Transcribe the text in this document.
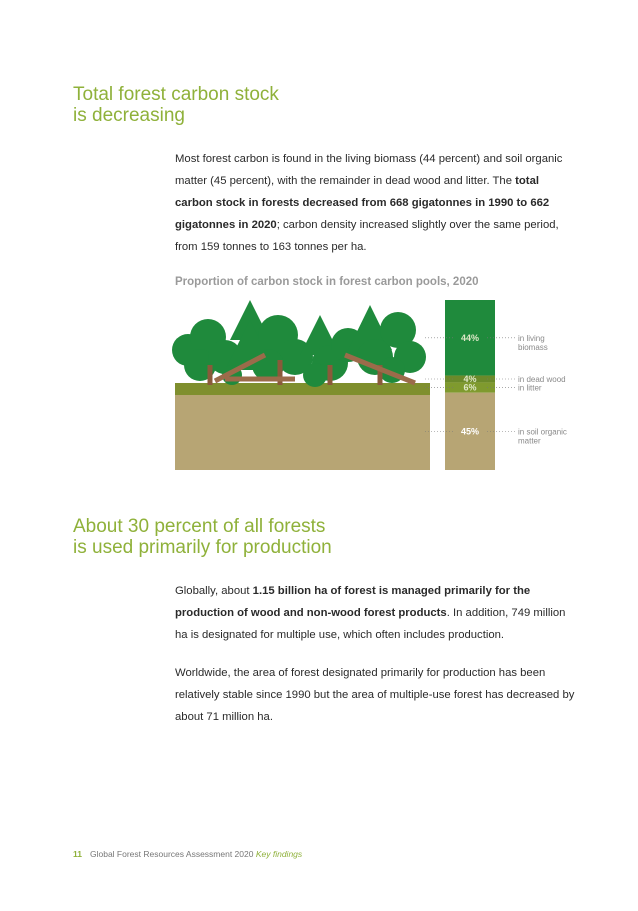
Total forest carbon stock
is decreasing

Most forest carbon is found in the living biomass (44 percent) and soil organic matter (45 percent), with the remainder in dead wood and litter. The total carbon stock in forests decreased from 668 gigatonnes in 1990 to 662 gigatonnes in 2020; carbon density increased slightly over the same period, from 159 tonnes to 163 tonnes per ha.

Proportion of carbon stock in forest carbon pools, 2020
44%	in living
biomass
4%	in dead wood
6%	in litter
45%	in soil organic
matter
About 30 percent of all forests
is used primarily for production

Globally, about 1.15 billion ha of forest is managed primarily for the production of wood and non-wood forest products. In addition, 749 million ha is designated for multiple use, which often includes production.

Worldwide, the area of forest designated primarily for production has been relatively stable since 1990 but the area of multiple-use forest has decreased by about 71 million ha.

11 Global Forest Resources Assessment 2020 Key findings
